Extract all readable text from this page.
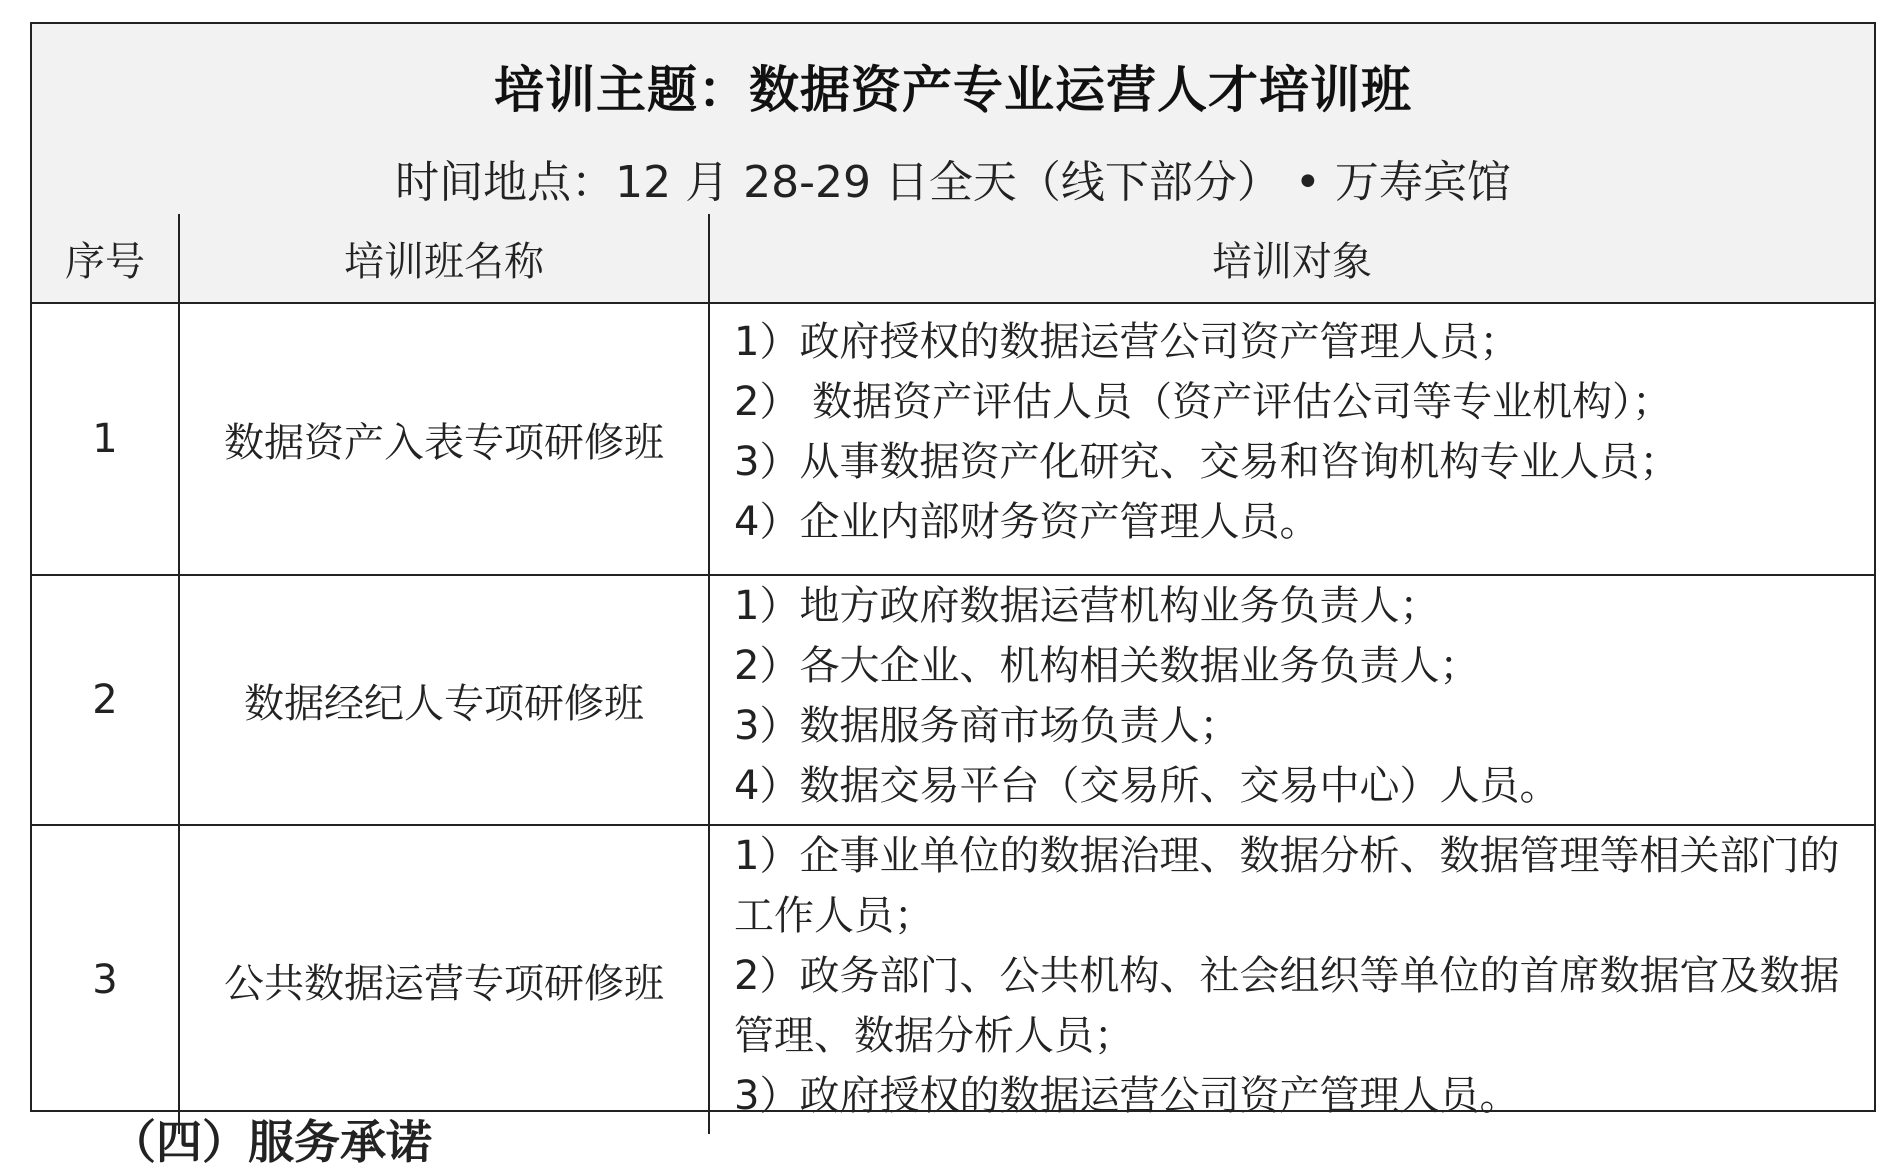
培训主题：数据资产专业运营人才培训班
时间地点：12 月 28-29 日全天（线下部分） • 万寿宾馆
序号	培训班名称	培训对象
1	数据资产入表专项研修班	1）政府授权的数据运营公司资产管理人员；
2） 数据资产评估人员（资产评估公司等专业机构）；
3）从事数据资产化研究、交易和咨询机构专业人员；
4）企业内部财务资产管理人员。

2	数据经纪人专项研修班	1）地方政府数据运营机构业务负责人；
2）各大企业、机构相关数据业务负责人；
3）数据服务商市场负责人；
4）数据交易平台（交易所、交易中心）人员。

3	公共数据运营专项研修班	1）企事业单位的数据治理、数据分析、数据管理等相关部门的工作人员；
2）政务部门、公共机构、社会组织等单位的首席数据官及数据管理、数据分析人员；
3）政府授权的数据运营公司资产管理人员。
（四）服务承诺
